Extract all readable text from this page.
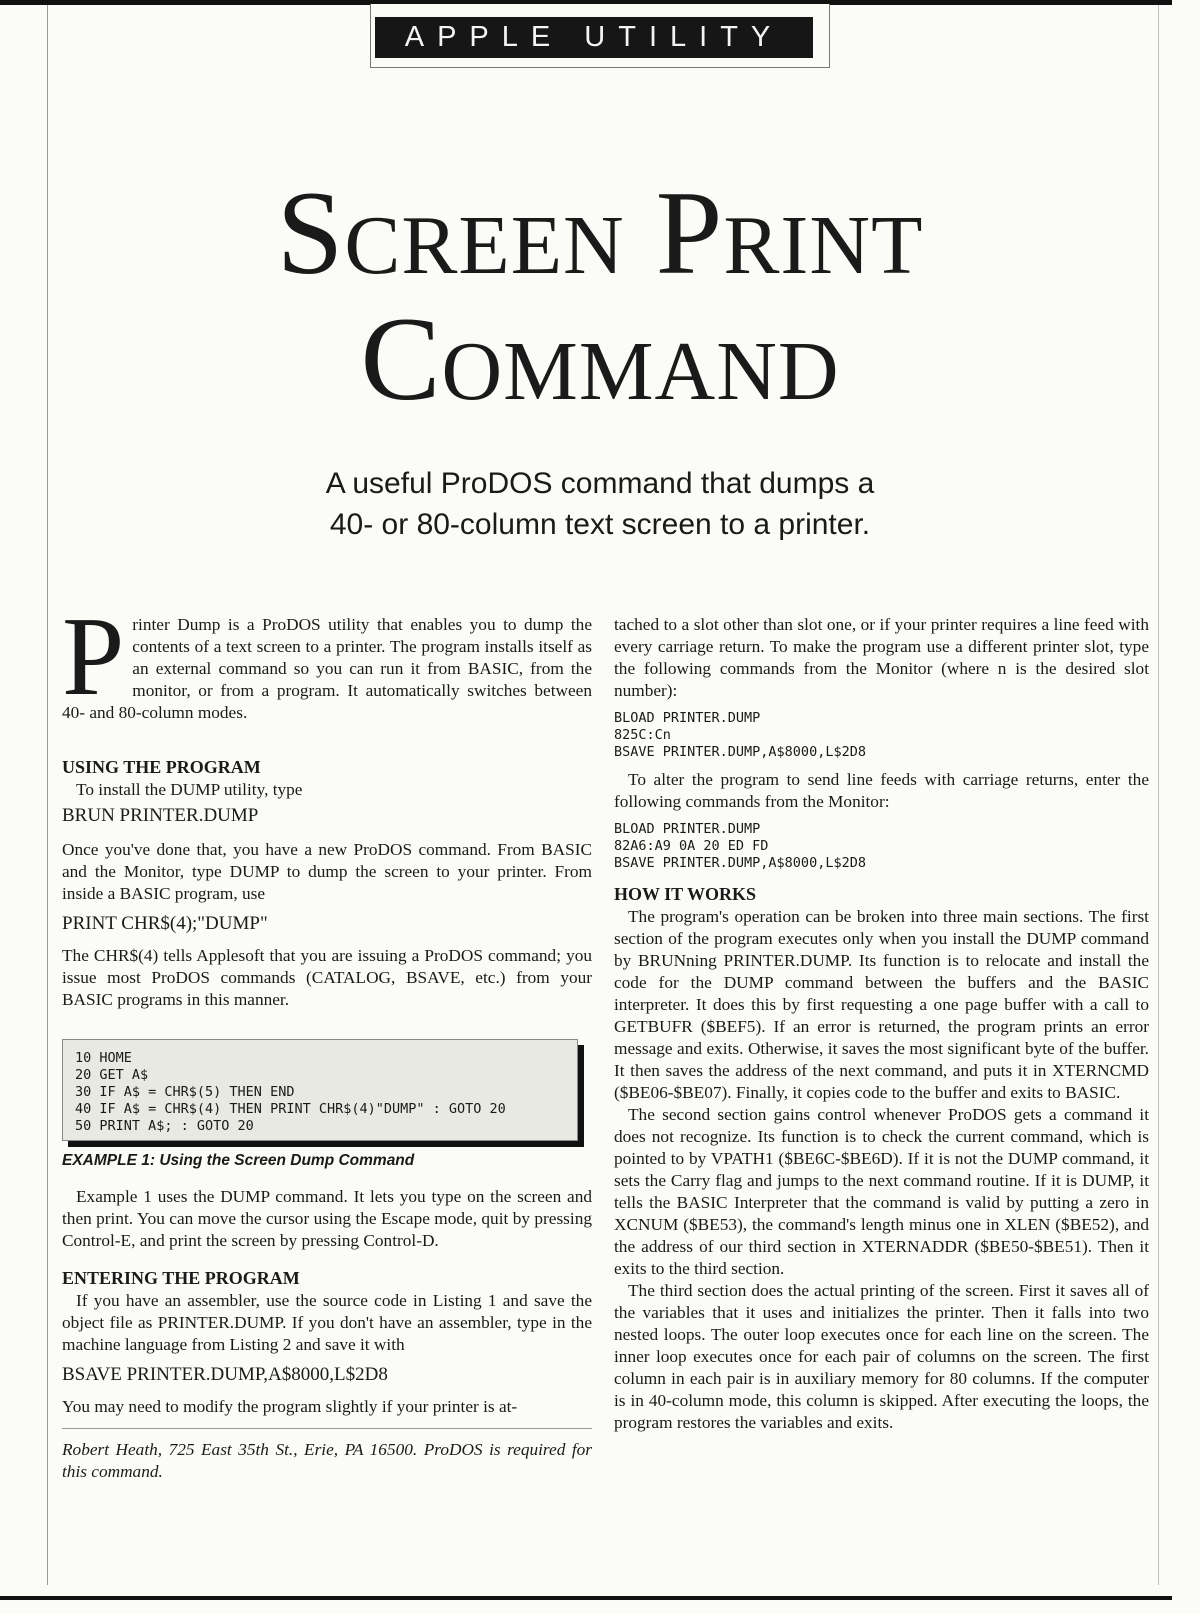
APPLE UTILITY
Screen Print
Command
A useful ProDOS command that dumps a
40- or 80-column text screen to a printer.

Printer Dump is a ProDOS utility that enables you to dump the contents of a text screen to a printer. The program installs itself as an external command so you can run it from BASIC, from the monitor, or from a program. It automatically switches between 40- and 80-column modes.

USING THE PROGRAM

To install the DUMP utility, type

BRUN PRINTER.DUMP

Once you've done that, you have a new ProDOS command. From BASIC and the Monitor, type DUMP to dump the screen to your printer. From inside a BASIC program, use

PRINT CHR$(4);"DUMP"

The CHR$(4) tells Applesoft that you are issuing a ProDOS command; you issue most ProDOS commands (CATALOG, BSAVE, etc.) from your BASIC programs in this manner.

10 HOME
20 GET A$
30 IF A$ = CHR$(5) THEN END
40 IF A$ = CHR$(4) THEN PRINT CHR$(4)"DUMP" : GOTO 20
50 PRINT A$; : GOTO 20

EXAMPLE 1: Using the Screen Dump Command

Example 1 uses the DUMP command. It lets you type on the screen and then print. You can move the cursor using the Escape mode, quit by pressing Control-E, and print the screen by pressing Control-D.

ENTERING THE PROGRAM

If you have an assembler, use the source code in Listing 1 and save the object file as PRINTER.DUMP. If you don't have an assembler, type in the machine language from Listing 2 and save it with

BSAVE PRINTER.DUMP,A$8000,L$2D8

You may need to modify the program slightly if your printer is at-

Robert Heath, 725 East 35th St., Erie, PA 16500. ProDOS is required for this command.

tached to a slot other than slot one, or if your printer requires a line feed with every carriage return. To make the program use a different printer slot, type the following commands from the Monitor (where n is the desired slot number):

BLOAD PRINTER.DUMP
825C:Cn
BSAVE PRINTER.DUMP,A$8000,L$2D8

To alter the program to send line feeds with carriage returns, enter the following commands from the Monitor:

BLOAD PRINTER.DUMP
82A6:A9 0A 20 ED FD
BSAVE PRINTER.DUMP,A$8000,L$2D8
HOW IT WORKS

The program's operation can be broken into three main sections. The first section of the program executes only when you install the DUMP command by BRUNning PRINTER.DUMP. Its function is to relocate and install the code for the DUMP command between the buffers and the BASIC interpreter. It does this by first requesting a one page buffer with a call to GETBUFR ($BEF5). If an error is returned, the program prints an error message and exits. Otherwise, it saves the most significant byte of the buffer. It then saves the address of the next command, and puts it in XTERNCMD ($BE06-$BE07). Finally, it copies code to the buffer and exits to BASIC.

The second section gains control whenever ProDOS gets a command it does not recognize. Its function is to check the current command, which is pointed to by VPATH1 ($BE6C-$BE6D). If it is not the DUMP command, it sets the Carry flag and jumps to the next command routine. If it is DUMP, it tells the BASIC Interpreter that the command is valid by putting a zero in XCNUM ($BE53), the command's length minus one in XLEN ($BE52), and the address of our third section in XTERNADDR ($BE50-$BE51). Then it exits to the third section.

The third section does the actual printing of the screen. First it saves all of the variables that it uses and initializes the printer. Then it falls into two nested loops. The outer loop executes once for each line on the screen. The inner loop executes once for each pair of columns on the screen. The first column in each pair is in auxiliary memory for 80 columns. If the computer is in 40-column mode, this column is skipped. After executing the loops, the program restores the variables and exits.
